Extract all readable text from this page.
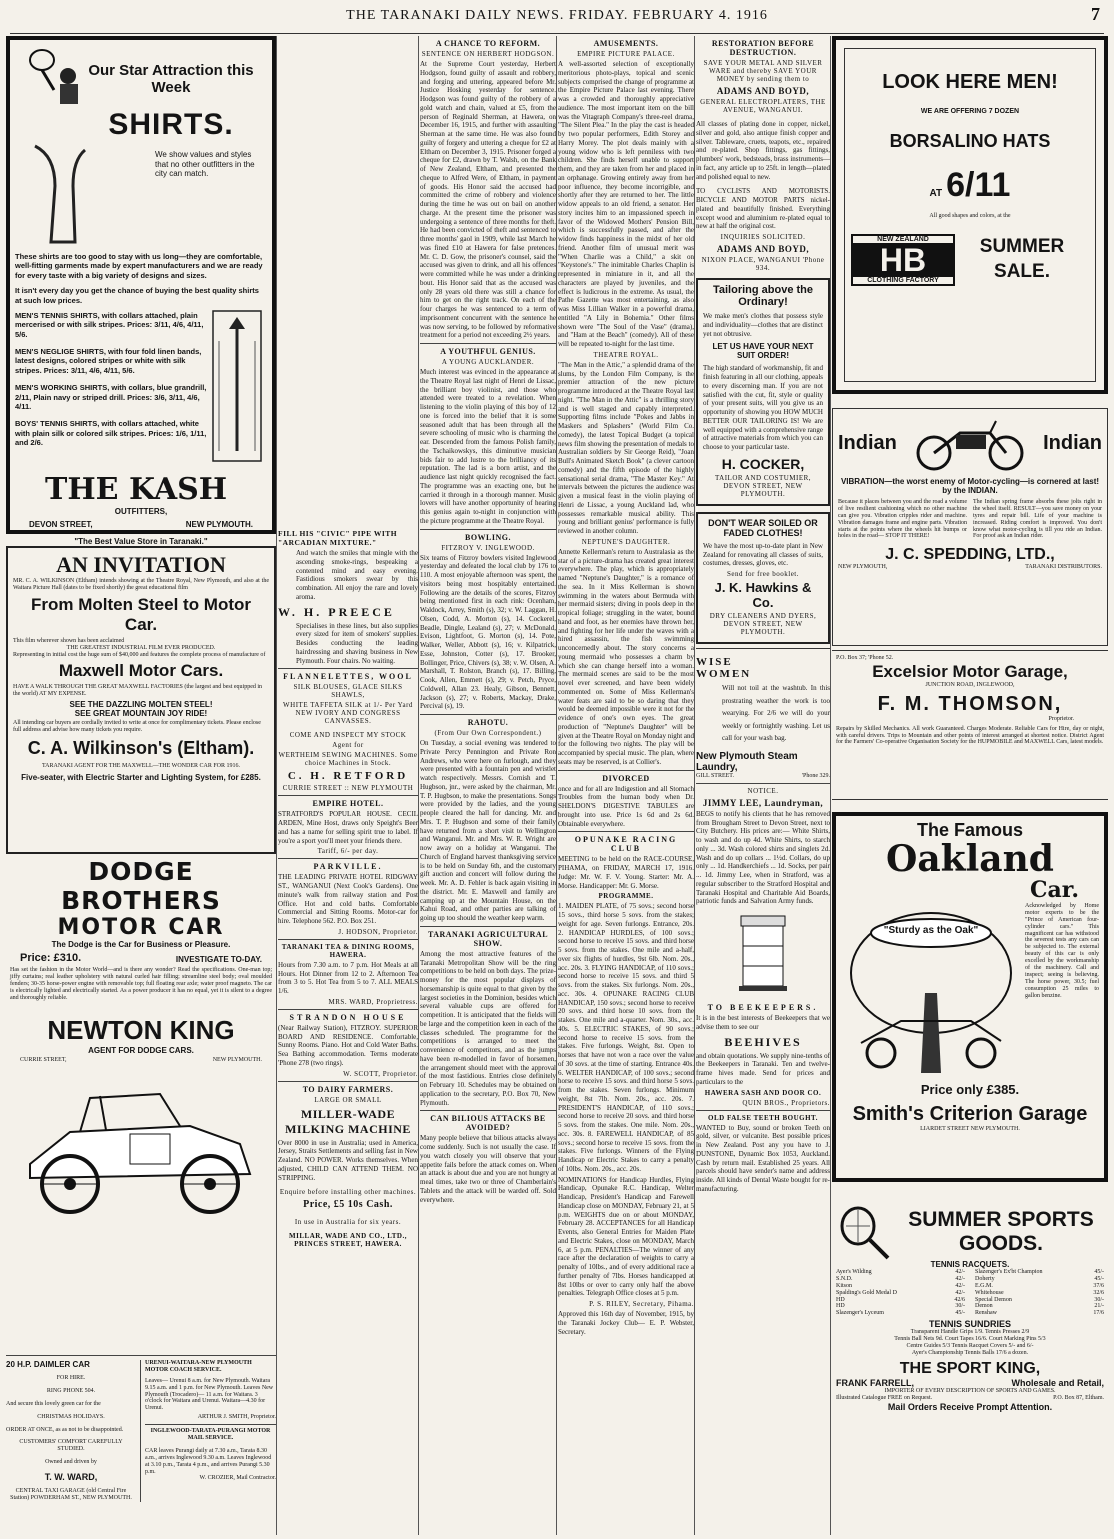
THE TARANAKI DAILY NEWS. FRIDAY. FEBRUARY 4. 1916	7
Our Star Attraction this Week
SHIRTS.
We show values and styles that no other outfitters in the city can match.
These shirts are too good to stay with us long—they are comfortable, well-fitting garments made by expert manufacturers and we are ready for every taste with a big variety of designs and sizes.
It isn't every day you get the chance of buying the best quality shirts at such low prices.
MEN'S TENNIS SHIRTS, with collars attached, plain mercerised or with silk stripes. Prices: 3/11, 4/6, 4/11, 5/6.
MEN'S NEGLIGE SHIRTS, with four fold linen bands, latest designs, colored stripes or white with silk stripes. Prices: 3/11, 4/6, 4/11, 5/6.
MEN'S WORKING SHIRTS, with collars, blue grandrill, 2/11, Plain navy or striped drill. Prices: 3/6, 3/11, 4/6, 4/11.
BOYS' TENNIS SHIRTS, with collars attached, white with plain silk or colored silk stripes. Prices: 1/6, 1/11, and 2/6.
THE KASH
OUTFITTERS,
DEVON STREET,	NEW PLYMOUTH.
"The Best Value Store in Taranaki."
AN INVITATION
MR. C. A. WILKINSON (Eltham) intends showing at the Theatre Royal, New Plymouth, and also at the Waitara Picture Hall (dates to be fixed shortly) the great educational film
From Molten Steel to Motor Car.
This film wherever shown has been acclaimed
THE GREATEST INDUSTRIAL FILM EVER PRODUCED.
Representing in initial cost the huge sum of $40,000 and features the complete process of manufacture of
Maxwell Motor Cars.
HAVE A WALK THROUGH THE GREAT MAXWELL FACTORIES (the largest and best equipped in the world) AT MY EXPENSE.
SEE THE DAZZLING MOLTEN STEEL!
SEE GREAT MOUNTAIN JOY RIDE!
All intending car buyers are cordially invited to write at once for complimentary tickets. Please enclose full address and advise how many tickets you require.
C. A. Wilkinson's (Eltham).
TARANAKI AGENT FOR THE MAXWELL—THE WONDER CAR FOR 1916.
Five-seater, with Electric Starter and Lighting System, for £285.
DODGE BROTHERS
MOTOR CAR
The Dodge is the Car for Business or Pleasure.
Price: £310.	INVESTIGATE TO-DAY.
Has set the fashion in the Motor World—and is there any wonder? Read the specifications. One-man top; jiffy curtains; real leather upholstery with natural curled hair filling; streamline steel body; oval moulded fenders; 30-35 horse-power engine with removable top; full floating rear axle; water proof magneto. The car is electrically lighted and electrically started. As a power producer it has no equal, yet it is silent to a degree and thoroughly reliable.
NEWTON KING
AGENT FOR DODGE CARS.
CURRIE STREET,	NEW PLYMOUTH.
20 H.P. DAIMLER CAR
FOR HIRE.
RING PHONE 504.
And secure this lovely green car for the
CHRISTMAS HOLIDAYS.
ORDER AT ONCE, as as not to be disappointed.
CUSTOMERS' COMFORT CAREFULLY STUDIED.
Owned and driven by
T. W. WARD,
CENTRAL TAXI GARAGE (old Central Fire Station) POWDERHAM ST., NEW PLYMOUTH.
URENUI-WAITARA-NEW PLYMOUTH MOTOR COACH SERVICE.
Leaves— Urenui 8 a.m. for New Plymouth. Waitara 9.15 a.m. and 1 p.m. for New Plymouth. Leaves New Plymouth (Trocadero)— 11 a.m. for Waitara. 3 o'clock for Waitara and Urenui. Waitara—4.30 for Urenui.
ARTHUR J. SMITH, Proprietor.
INGLEWOOD-TARATA-PURANGI MOTOR MAIL SERVICE.
CAR leaves Purangi daily at 7.30 a.m., Tarata 8.30 a.m., arrives Inglewood 9.30 a.m. Leaves Inglewood at 3.10 p.m., Tarata 4 p.m., and arrives Purangi 5.30 p.m.
W. CROZIER, Mail Contractor.
FILL HIS "CIVIC" PIPE WITH "ARCADIAN MIXTURE."

And watch the smiles that mingle with the ascending smoke-rings, bespeaking a contented mind and easy evening. Fastidious smokers swear by this combination. All enjoy the rare and lovely aroma.

W. H. PREECE

Specialises in these lines, but also supplies every sized for item of smokers' supplies. Besides conducting the leading hairdressing and shaving business in New Plymouth. Four chairs. No waiting.

FLANNELETTES, WOOL
SILK BLOUSES, GLACE SILKS SHAWLS,
WHITE TAFFETA SILK at 1/- Per Yard NEW IVORY AND CONGRESS CANVASSES.
COME AND INSPECT MY STOCK
Agent for
WERTHEIM SEWING MACHINES. Some choice Machines in Stock.
C. H. RETFORD
CURRIE STREET :: NEW PLYMOUTH
EMPIRE HOTEL.

STRATFORD'S POPULAR HOUSE. CECIL ARDEN, Mine Host, draws only Speight's Beer and has a name for selling spirit true to label. If you're a sport you'll meet your friends there.

Tariff, 6/- per day.
PARKVILLE.

THE LEADING PRIVATE HOTEL RIDGWAY ST., WANGANUI (Next Cook's Gardens). One minute's walk from railway station and Post Office. Hot and cold baths. Comfortable Commercial and Sitting Rooms. Motor-car for hire. Telephone 562. P.O. Box 251.

J. HODSON, Proprietor.
TARANAKI TEA & DINING ROOMS, HAWERA.

Hours from 7.30 a.m. to 7 p.m. Hot Meals at all Hours. Hot Dinner from 12 to 2. Afternoon Tea from 3 to 5. Hot Tea from 5 to 7. ALL MEALS 1/6.

MRS. WARD, Proprietress.
STRANDON HOUSE

(Near Railway Station), FITZROY. SUPERIOR BOARD AND RESIDENCE. Comfortable, Sunny Rooms. Piano. Hot and Cold Water Baths. Sea Bathing accommodation. Terms moderate 'Phone 278 (two rings).

W. SCOTT, Proprietor.
TO DAIRY FARMERS.
LARGE OR SMALL
MILLER-WADE MILKING MACHINE

Over 8000 in use in Australia; used in America, Jersey, Straits Settlements and selling fast in New Zealand. NO POWER. Works themselves. When adjusted, CHILD CAN ATTEND THEM. NO STRIPPING.

Enquire before installing other machines.
Price, £5 10s Cash.
In use in Australia for six years.
MILLAR, WADE AND CO., LTD., PRINCES STREET, HAWERA.
A CHANCE TO REFORM.
SENTENCE ON HERBERT HODGSON.

At the Supreme Court yesterday, Herbert Hodgson, found guilty of assault and robbery, and forging and uttering, appeared before Mr. Justice Hosking yesterday for sentence. Hodgson was found guilty of the robbery of a gold watch and chain, valued at £5, from the person of Reginald Sherman, at Hawera, on December 16, 1915, and further with assaulting Sherman at the same time. He was also found guilty of forgery and uttering a cheque for £2 at Eltham on December 3, 1915. Prisoner forged a cheque for £2, drawn by T. Walsh, on the Bank of New Zealand, Eltham, and presented the cheque to Alfred Were, of Eltham, in payment of goods. His Honor said the accused had committed the crime of robbery and violence during the time he was out on bail on another charge. At the present time the prisoner was undergoing a sentence of three months for theft. He had been convicted of theft and sentenced to three months' gaol in 1909, while last March he was fined £10 at Hawera for false pretences. Mr. C. D. Gow, the prisoner's counsel, said the accused was given to drink, and all his offences were committed while he was under a drinking bout. His Honor said that as the accused was only 28 years old there was still a chance for him to get on the right track. On each of the four charges he was sentenced to a term of imprisonment concurrent with the sentence he was now serving, to be followed by reformative treatment for a period not exceeding 2½ years.

A YOUTHFUL GENIUS.
A YOUNG AUCKLANDER.

Much interest was evinced in the appearance at the Theatre Royal last night of Henri de Lissac, the brilliant boy violinist, and those who attended were treated to a revelation. When listening to the violin playing of this boy of 12 one is forced into the belief that it is some seasoned adult that has been through all the severe schooling of music who is charming the ear. Descended from the famous Polish family, the Tschaikowskys, this diminutive musician bids fair to add lustre to the brilliancy of its reputation. The lad is a born artist, and the audience last night quickly recognised the fact. The programme was an exacting one, but he carried it through in a thorough manner. Music lovers will have another opportunity of hearing this genius again to-night in conjunction with the picture programme at the Theatre Royal.

BOWLING.
FITZROY V. INGLEWOOD.

Six teams of Fitzroy bowlers visited Inglewood yesterday and defeated the local club by 176 to 110. A most enjoyable afternoon was spent, the visitors being most hospitably entertained. Following are the details of the scores, Fitzroy being mentioned first in each rink: Ocenham, Waldock, Arrey, Smith (s), 32; v. W. Laggan, H. Olsen, Codd, A. Morton (s), 14. Cockerel, Beadle, Dingle, Lealand (s), 27; v. McDonald, Evison, Lightfoot, G. Morton (s), 14. Pote, Walker, Weller, Abbott (s), 16; v. Kilpatrick, Esse, Johnston, Cotter (s), 17. Brooker, Bollinger, Price, Chivers (s), 38; v. W. Olsen, A. Marshall, T. Rolston, Branch (s), 17. Billing, Cook, Allen, Emmett (s), 29; v. Petch, Pryce, Coldwell, Allan 23. Healy, Gibson, Bennett, Jackson (s), 27; v. Roberts, Mackay, Drake, Percival (s), 19.

RAHOTU.
(From Our Own Correspondent.)

On Tuesday, a social evening was tendered to Private Percy Pennington and Private Ron Andrews, who were here on furlough, and they were presented with a fountain pen and wristlet watch respectively. Messrs. Cornish and T. Hugbson, jnr., were asked by the chairman, Mr. T. P. Hugbson, to make the presentations. Songs were provided by the ladies, and the young people cleared the hall for dancing. Mr. and Mrs. T. P. Hugbson and some of their family have returned from a short visit to Wellington and Wanganui. Mr. and Mrs. W. R. Wright are now away on a holiday at Wanganui. The Church of England harvest thanksgiving service is to be held on Sunday 6th, and the customary gift auction and concert will follow during the week. Mr. A. D. Fehler is back again visiting in the district. Mr. E. Maxwell and family are camping up at the Mountain House, on the Kahui Road, and other parties are talking of going up too should the weather keep warm.

TARANAKI AGRICULTURAL SHOW.

Among the most attractive features of the Taranaki Metropolitan Show will be the ring competitions to be held on both days. The prize-money for the most popular displays of horsemanship is quite equal to that given by the largest societies in the Dominion, besides which several valuable cups are offered for competition. It is anticipated that the fields will be large and the competition keen in each of the classes scheduled. The programme for the competitions is arranged to meet the convenience of competitors, and as the jumps have been re-modelled in favor of horsemen, the arrangement should meet with the approval of the most fastidious. Entries close definitely on February 10. Schedules may be obtained on application to the secretary, P.O. Box 70, New Plymouth.

CAN BILIOUS ATTACKS BE AVOIDED?

Many people believe that bilious attacks always come suddenly. Such is not usually the case. If you watch closely you will observe that your appetite fails before the attack comes on. When an attack is about due and you are not hungry at meal times, take two or three of Chamberlain's Tablets and the attack will be warded off. Sold everywhere.

AMUSEMENTS.
EMPIRE PICTURE PALACE.

A well-assorted selection of exceptionally meritorious photo-plays, topical and scenic subjects comprised the change of programme at the Empire Picture Palace last evening. There was a crowded and thoroughly appreciative audience. The most important item on the bill was the Vitagraph Company's three-reel drama, "The Silent Plea." In the play the cast is headed by two popular performers, Edith Storey and Harry Morey. The plot deals mainly with a young widow who is left penniless with two children. She finds herself unable to support them, and they are taken from her and placed in an orphanage. Growing entirely away from her poor influence, they become incorrigible, and shortly after they are returned to her. The little widow appeals to an old friend, a senator. Her story incites him to an impassioned speech in favor of the Widowed Mothers' Pension Bill, which is successfully passed, and after the widow finds happiness in the midst of her old friend. Another film of unusual merit was "When Charlie was a Child," a skit on "Keystone's." The inimitable Charles Chaplin is represented in miniature in it, and all the characters are played by juveniles, and the effect is ludicrous in the extreme. As usual, the Pathe Gazette was most entertaining, as also was Miss Lillian Walker in a powerful drama, entitled "A Lily in Bohemia." Other films shown were "The Soul of the Vase" (drama), and "Ham at the Beach" (comedy). All of these will be repeated to-night for the last time.

THEATRE ROYAL.

"The Man in the Attic," a splendid drama of the slums, by the London Film Company, is the premier attraction of the new picture programme introduced at the Theatre Royal last night. "The Man in the Attic" is a thrilling story and is well staged and capably interpreted. Supporting films include "Pokes and Jabbs in Maskers and Splashers" (World Film Co. comedy), the latest Topical Budget (a topical news film showing the presentation of medals to Australian soldiers by Sir George Reid), "Joan Bull's Animated Sketch Book" (a clever cartoon comedy) and the fifth episode of the highly sensational serial drama, "The Master Key." At intervals between the pictures the audience was given a musical feast in the violin playing of Henri de Lissac, a young Auckland lad, who possesses remarkable musical ability. This young and brilliant genius' performance is fully reviewed in another column.

NEPTUNE'S DAUGHTER.

Annette Kellerman's return to Australasia as the star of a picture-drama has created great interest everywhere. The play, which is appropriately named "Neptune's Daughter," is a romance of the sea. In it Miss Kellerman is shown swimming in the waters about Bermuda with her mermaid sisters; diving in pools deep in the tropical foliage; struggling in the water, bound hand and foot, as her enemies have thrown her, and fighting for her life under the waves with a hired assassin, the fish swimming unconcernedly about. The story concerns a young mermaid who possesses a charm by which she can change herself into a woman. The mermaid scenes are said to be the most novel ever screened, and have been widely commented on. Some of Miss Kellerman's water feats are said to be so daring that they would be deemed impossible were it not for the evidence of one's own eyes. The great production of "Neptune's Daughter" will be given at the Theatre Royal on Monday night and for the following two nights. The play will be accompanied by special music. The plan, where seats may be reserved, is at Collier's.

DIVORCED

once and for all are Indigestion and all Stomach Troubles from the human body when Dr. SHELDON'S DIGESTIVE TABULES are brought into use. Price 1s 6d and 2s 6d. Obtainable everywhere.

OPUNAKE RACING CLUB

MEETING to be held on the RACE-COURSE, PIHAMA, on FRIDAY, MARCH 17, 1916. Judge: Mr. W. F. V. Young. Starter: Mr. A. Morse. Handicapper: Mr. G. Morse.

PROGRAMME.

1. MAIDEN PLATE, of 75 sovs.; second horse 15 sovs., third horse 5 sovs. from the stakes; weight for age. Seven furlongs. Entrance, 20s. 2. HANDICAP HURDLES, of 100 sovs.; second horse to receive 15 sovs. and third horse 5 sovs. from the stakes. One mile and a-half, over six flights of hurdles, 9st 6lb. Nom. 20s., acc. 20s. 3. FLYING HANDICAP, of 110 sovs.; second horse to receive 15 sovs. and third 5 sovs. from the stakes. Six furlongs. Nom. 20s., acc. 30s. 4. OPUNAKE RACING CLUB HANDICAP, 150 sovs.; second horse to receive 20 sovs. and third horse 10 sovs. from the stakes. One mile and a-quarter. Nom. 30s., acc. 40s. 5. ELECTRIC STAKES, of 90 sovs.; second horse to receive 15 sovs. from the stakes. Five furlongs. Weight, 8st. Open to horses that have not won a race over the value of 30 sovs. at the time of starting. Entrance 40s. 6. WELTER HANDICAP, of 100 sovs.; second horse to receive 15 sovs. and third horse 5 sovs. from the stakes. Seven furlongs. Minimum weight, 8st 7lb. Nom. 20s., acc. 20s. 7. PRESIDENT'S HANDICAP, of 110 sovs.; second horse to receive 20 sovs. and third horse 5 sovs. from the stakes. One mile. Nom. 20s., acc. 30s. 8. FAREWELL HANDICAP, of 85 sovs.; second horse to receive 15 sovs. from the stakes. Five furlongs. Winners of the Flying Handicap or Electric Stakes to carry a penalty of 10lbs. Nom. 20s., acc. 20s.

NOMINATIONS for Handicap Hurdles, Flying Handicap, Opunake R.C. Handicap, Welter Handicap, President's Handicap and Farewell Handicap close on MONDAY, February 21, at 5 p.m. WEIGHTS due on or about MONDAY, February 28. ACCEPTANCES for all Handicap Events, also General Entries for Maiden Plate and Electric Stakes, close on MONDAY, March 6, at 5 p.m. PENALTIES—The winner of any race after the declaration of weights to carry a penalty of 10lbs., and of every additional race a further penalty of 7lbs. Horses handicapped at 8st 10lbs or over to carry only half the above penalties. Telegraph Office closes at 5 p.m.

P. S. RILEY, Secretary, Pihama.

Approved this 16th day of November, 1915, by the Taranaki Jockey Club— E. P. Webster, Secretary.

RESTORATION BEFORE DESTRUCTION.
SAVE YOUR METAL AND SILVER WARE and thereby SAVE YOUR MONEY by sending them to
ADAMS AND BOYD,
GENERAL ELECTROPLATERS, THE AVENUE, WANGANUI.

All classes of plating done in copper, nickel, silver and gold, also antique finish copper and silver. Tableware, cruets, teapots, etc., repaired and re-plated. Shop fittings, gas fittings, plumbers' work, bedsteads, brass instruments—in fact, any article up to 25ft. in length—plated and polished equal to new.

TO CYCLISTS AND MOTORISTS. BICYCLE AND MOTOR PARTS nickel-plated and beautifully finished. Everything except wood and aluminium re-plated equal to new at half the original cost.

INQUIRIES SOLICITED.
ADAMS AND BOYD,
NIXON PLACE, WANGANUI 'Phone 934.
Tailoring above the Ordinary!

We make men's clothes that possess style and individuality—clothes that are distinct yet not obtrusive.

LET US HAVE YOUR NEXT SUIT ORDER!

The high standard of workmanship, fit and finish featuring in all our clothing, appeals to every discerning man. If you are not satisfied with the cut, fit, style or quality of your present suits, will you give us an opportunity of showing you HOW MUCH BETTER OUR TAILORING IS! We are well equipped with a comprehensive range of attractive materials from which you can choose to your particular taste.

H. COCKER,
TAILOR AND COSTUMIER, DEVON STREET, NEW PLYMOUTH.
DON'T WEAR SOILED OR FADED CLOTHES!

We have the most up-to-date plant in New Zealand for renovating all classes of suits, costumes, dresses, gloves, etc.

Send for free booklet.
J. K. Hawkins & Co.
DRY CLEANERS AND DYERS, DEVON STREET, NEW PLYMOUTH.
WISE WOMEN

Will not toil at the washtub. In this prostrating weather the work is too wearying. For 2/6 we will do your weekly or fortnightly washing. Let us call for your wash bag.

New Plymouth Steam Laundry,
GILL STREET.	'Phone 329.
NOTICE.
JIMMY LEE, Laundryman,

BEGS to notify his clients that he has removed from Brougham Street to Devon Street, next to City Butchery. His prices are:— White Shirts, to wash and do up 4d. White Shirts, to starch only ... 3d. Wash colored shirts and singlets 2d. Wash and do up collars ... 1½d. Collars, do up only ... 1d. Handkerchiefs ... 1d. Socks, per pair ... 1d. Jimmy Lee, when in Stratford, was a regular subscriber to the Stratford Hospital and Taranaki Hospital and Charitable Aid Boards, patriotic funds and Salvation Army funds.

TO BEEKEEPERS.

It is in the best interests of Beekeepers that we advise them to see our

BEEHIVES

and obtain quotations. We supply nine-tenths of the Beekeepers in Taranaki. Ten and twelve-frame hives made. Send for prices and particulars to the

HAWERA SASH AND DOOR CO.
QUIN BROS., Proprietors.
OLD FALSE TEETH BOUGHT.

WANTED to Buy, sound or broken Teeth on gold, silver, or vulcanite. Best possible prices in New Zealand. Post any you have to J. DUNSTONE, Dynamic Box 1053, Auckland. Cash by return mail. Established 25 years. All parcels should have sender's name and address inside. All kinds of Dental Waste bought for re-manufacturing.

LOOK HERE MEN!
WE ARE OFFERING 7 DOZEN
BORSALINO HATS
AT 6/11
All good shapes and colors, at the
NEW ZEALAND
HB
CLOTHING FACTORY
SUMMER SALE.
Indian	Indian
VIBRATION—the worst enemy of Motor-cycling—is cornered at last! by the INDIAN.
Because it places between you and the road a volume of live resilient cushioning which no other machine can give you. Vibration cripples rider and machine. Vibration damages frame and engine parts. Vibration starts at the points where the wheels hit bumps or holes in the road— STOP IT THERE!
The Indian spring frame absorbs these jolts right in the wheel itself. RESULT—you save money on your tyres and repair bill. Life of your machine is increased. Riding comfort is improved. You don't know what motor-cycling is till you ride an Indian. For proof ask an Indian rider.
J. C. SPEDDING, LTD.,
NEW PLYMOUTH,	TARANAKI DISTRIBUTORS.
P.O. Box 37; 'Phone 52.
Excelsior Motor Garage,
JUNCTION ROAD, INGLEWOOD,
F. M. THOMSON,
Proprietor.
Repairs by Skilled Mechanics. All work Guaranteed. Charges Moderate. Reliable Cars for Hire, day or night, with careful drivers. Trips to Mountain and other points of interest arranged at shortest notice. District Agent for the Farmers' Co-operative Organisation Society for the HUPMOBILE and MAXWELL Cars, latest models.
The Famous
Oakland
Car.
"Sturdy as the Oak"
Acknowledged by Home motor experts to be the "Prince of American four-cylinder cars." This magnificent car has withstood the severest tests any cars can be subjected to. The external beauty of this car is only excelled by the workmanship of the machinery. Call and inspect; seeing is believing. The horse power, 30.5; fuel consumption 25 miles to gallon benzine.
Price only £385.
Smith's Criterion Garage
LIARDET STREET NEW PLYMOUTH.
SUMMER SPORTS GOODS.
TENNIS RACQUETS.
Ayer's Wilding	42/-
S.N.D.	42/-
Kitson	42/-
Spalding's Gold Medal D	42/-
HD	42/6
HD	30/-
Slazenger's Lyceum	45/-
Slazenger's Ex'bt Champion	45/-
Doherty	45/-
E.G.M.	37/6
Whitehouse	32/6
Special Demon	30/-
Demon	21/-
Renshaw	17/6
TENNIS SUNDRIES
Transparent Handle Grips 1/9. Tennis Presses 2/9
Tennis Ball Nets 9d. Court Tapes 16/6. Court Marking Pins 5/3
Centre Guides 5/3 Tennis Racquet Covers 5/- and 6/-
Ayer's Championship Tennis Balls 17/6 a dozen.
THE SPORT KING,
FRANK FARRELL,	Wholesale and Retail,
IMPORTER OF EVERY DESCRIPTION OF SPORTS AND GAMES.
Illustrated Catalogue FREE on Request.	P.O. Box 87, Eltham.
Mail Orders Receive Prompt Attention.
